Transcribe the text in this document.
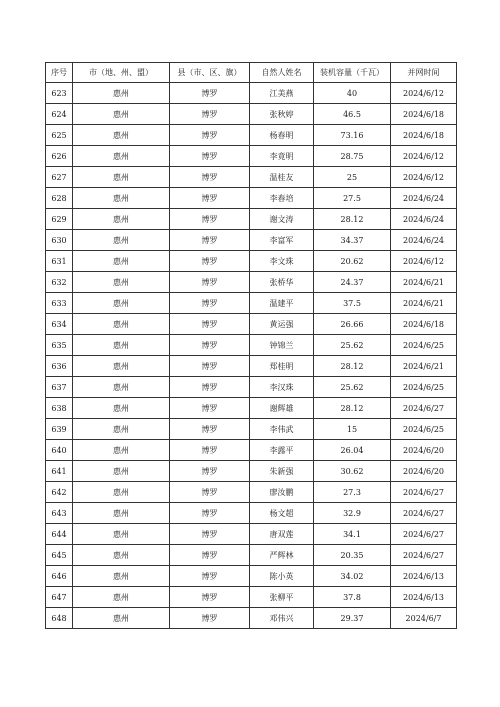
序号	市（地、州、盟）	县（市、区、旗）	自然人姓名	装机容量（千瓦）	并网时间
623	惠州	博罗	江美燕	40	2024/6/12
624	惠州	博罗	张秋婷	46.5	2024/6/18
625	惠州	博罗	杨春明	73.16	2024/6/18
626	惠州	博罗	李竟明	28.75	2024/6/12
627	惠州	博罗	温桂友	25	2024/6/12
628	惠州	博罗	李春培	27.5	2024/6/24
629	惠州	博罗	谢文涛	28.12	2024/6/24
630	惠州	博罗	李富军	34.37	2024/6/24
631	惠州	博罗	李文珠	20.62	2024/6/12
632	惠州	博罗	张桥华	24.37	2024/6/21
633	惠州	博罗	温建平	37.5	2024/6/21
634	惠州	博罗	黄运强	26.66	2024/6/18
635	惠州	博罗	钟锦兰	25.62	2024/6/25
636	惠州	博罗	郑桂明	28.12	2024/6/21
637	惠州	博罗	李汉珠	25.62	2024/6/25
638	惠州	博罗	谢辉雄	28.12	2024/6/27
639	惠州	博罗	李伟武	15	2024/6/25
640	惠州	博罗	李露平	26.04	2024/6/20
641	惠州	博罗	朱新强	30.62	2024/6/20
642	惠州	博罗	廖汝鹏	27.3	2024/6/27
643	惠州	博罗	杨文超	32.9	2024/6/27
644	惠州	博罗	唐双莲	34.1	2024/6/27
645	惠州	博罗	严辉林	20.35	2024/6/27
646	惠州	博罗	陈小英	34.02	2024/6/13
647	惠州	博罗	张柳平	37.8	2024/6/13
648	惠州	博罗	邓伟兴	29.37	2024/6/7
